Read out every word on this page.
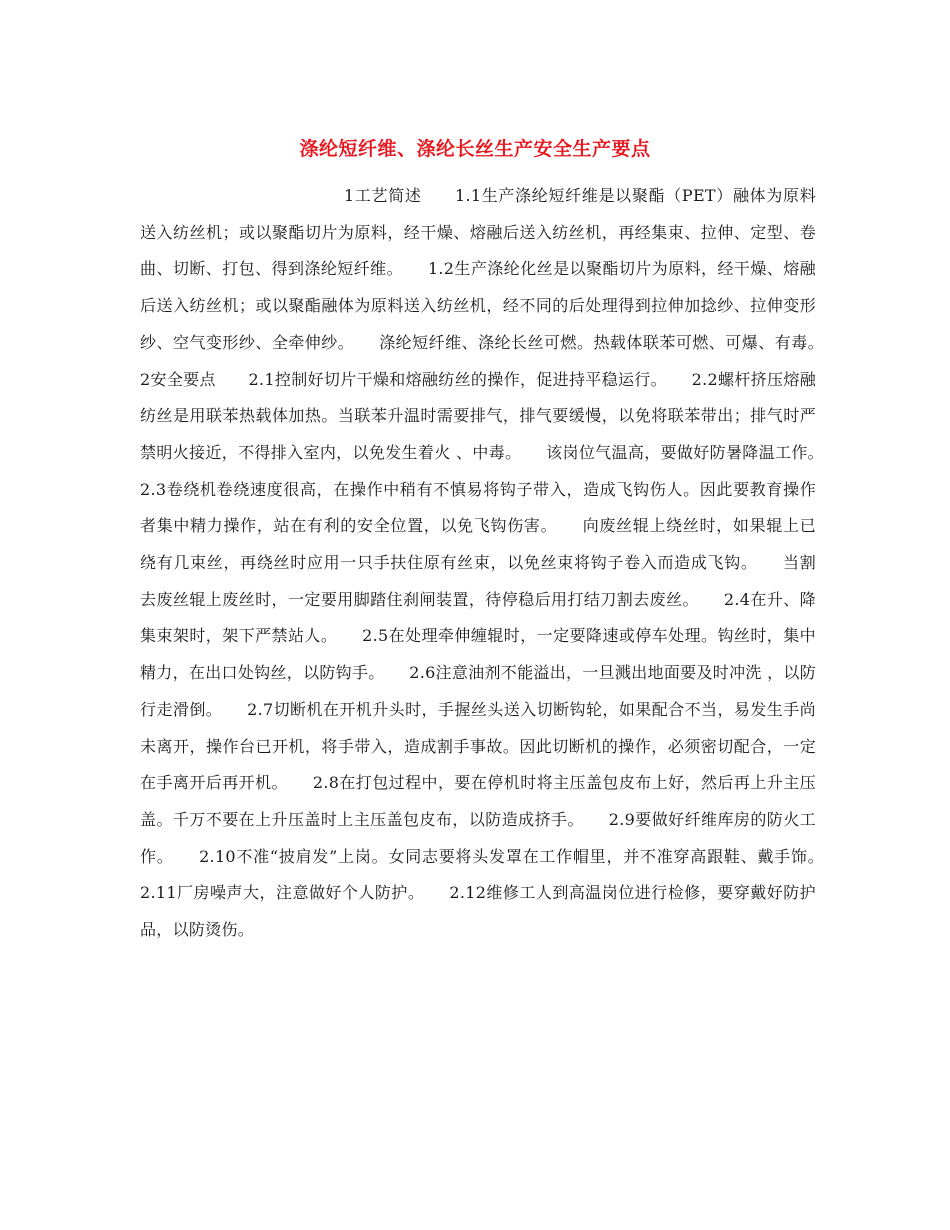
涤纶短纤维、涤纶长丝生产安全生产要点

1工艺简述　　1.1生产涤纶短纤维是以聚酯（PET）融体为原料送入纺丝机；或以聚酯切片为原料，经干燥、熔融后送入纺丝机，再经集束、拉伸、定型、卷曲、切断、打包、得到涤纶短纤维。　　1.2生产涤纶化丝是以聚酯切片为原料，经干燥、熔融后送入纺丝机；或以聚酯融体为原料送入纺丝机，经不同的后处理得到拉伸加捻纱、拉伸变形纱、空气变形纱、全牵伸纱。　　涤纶短纤维、涤纶长丝可燃。热载体联苯可燃、可爆、有毒。　　2安全要点　　2.1控制好切片干燥和熔融纺丝的操作，促进持平稳运行。　　2.2螺杆挤压熔融纺丝是用联苯热载体加热。当联苯升温时需要排气，排气要缓慢，以免将联苯带出；排气时严禁明火接近，不得排入室内，以免发生着火 、中毒。　　该岗位气温高，要做好防暑降温工作。　　2.3卷绕机卷绕速度很高，在操作中稍有不慎易将钩子带入，造成飞钩伤人。因此要教育操作者集中精力操作，站在有利的安全位置，以免飞钩伤害。　　向废丝辊上绕丝时，如果辊上已绕有几束丝，再绕丝时应用一只手扶住原有丝束，以免丝束将钩子卷入而造成飞钩。　　当割去废丝辊上废丝时，一定要用脚踏住刹闸装置，待停稳后用打结刀割去废丝。　　2.4在升、降集束架时，架下严禁站人。　　2.5在处理牵伸缠辊时，一定要降速或停车处理。钩丝时，集中精力，在出口处钩丝，以防钩手。　　2.6注意油剂不能溢出，一旦溅出地面要及时冲洗 ，以防行走滑倒。　　2.7切断机在开机升头时，手握丝头送入切断钩轮，如果配合不当，易发生手尚未离开，操作台已开机，将手带入，造成割手事故。因此切断机的操作，必须密切配合，一定在手离开后再开机。　　2.8在打包过程中，要在停机时将主压盖包皮布上好，然后再上升主压盖。千万不要在上升压盖时上主压盖包皮布，以防造成挤手。　　2.9要做好纤维库房的防火工作。　　2.10不准“披肩发”上岗。女同志要将头发罩在工作帽里，并不准穿高跟鞋、戴手饰。　　2.11厂房噪声大，注意做好个人防护。　　2.12维修工人到高温岗位进行检修，要穿戴好防护品，以防烫伤。
